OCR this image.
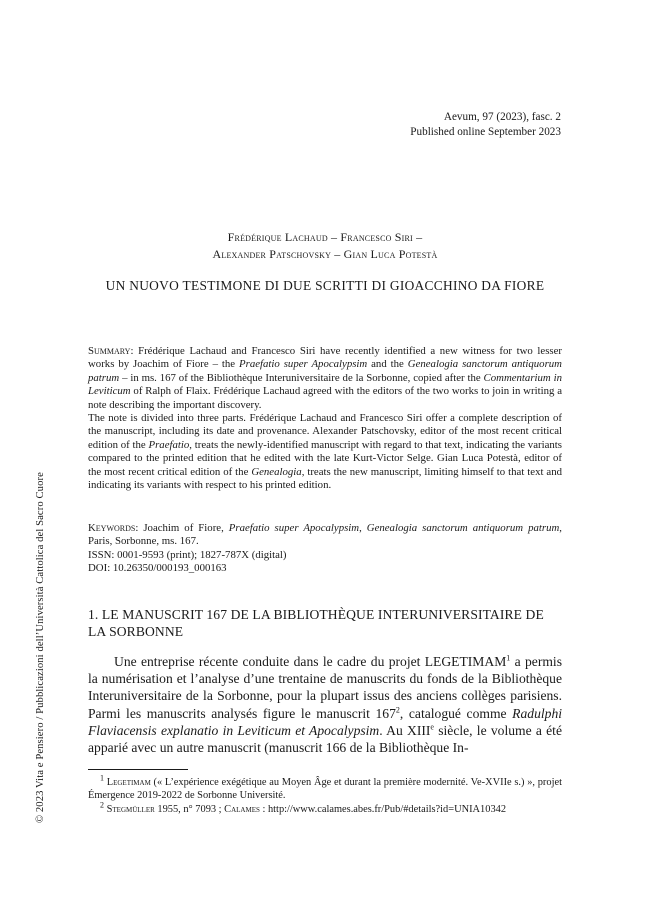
Aevum, 97 (2023), fasc. 2
Published online September 2023
Frédérique Lachaud – Francesco Siri –
Alexander Patschovsky – Gian Luca Potestà
UN NUOVO TESTIMONE DI DUE SCRITTI DI GIOACCHINO DA FIORE

Summary: Frédérique Lachaud and Francesco Siri have recently identified a new witness for two lesser works by Joachim of Fiore – the Praefatio super Apocalypsim and the Genealogia sanctorum antiquorum patrum – in ms. 167 of the Bibliothèque Interuniversitaire de la Sorbonne, copied after the Commentarium in Leviticum of Ralph of Flaix. Frédérique Lachaud agreed with the editors of the two works to join in writing a note describing the important discovery.

The note is divided into three parts. Frédérique Lachaud and Francesco Siri offer a complete description of the manuscript, including its date and provenance. Alexander Patschovsky, editor of the most recent critical edition of the Praefatio, treats the newly-identified manuscript with regard to that text, indicating the variants compared to the printed edition that he edited with the late Kurt-Victor Selge. Gian Luca Potestà, editor of the most recent critical edition of the Genealogia, treats the new manuscript, limiting himself to that text and indicating its variants with respect to his printed edition.

Keywords: Joachim of Fiore, Praefatio super Apocalypsim, Genealogia sanctorum antiquorum patrum, Paris, Sorbonne, ms. 167.

ISSN: 0001-9593 (print); 1827-787X (digital)

DOI: 10.26350/000193_000163

1. LE MANUSCRIT 167 DE LA BIBLIOTHÈQUE INTERUNIVERSITAIRE DE LA SORBONNE

Une entreprise récente conduite dans le cadre du projet LEGETIMAM$^1$ a permis la numérisation et l’analyse d’une trentaine de manuscrits du fonds de la Bibliothèque Interuniversitaire de la Sorbonne, pour la plupart issus des anciens collèges parisiens. Parmi les manuscrits analysés figure le manuscrit $167^2$, catalogué comme Radulphi Flaviacensis explanatio in Leviticum et Apocalypsim. Au XIIIe siècle, le volume a été apparié avec un autre manuscrit (manuscrit 166 de la Bibliothèque In-

$^1$ Legetimam (« L’expérience exégétique au Moyen Âge et durant la première modernité. Ve-XVIIe s.) », projet Émergence 2019-2022 de Sorbonne Université.

$^2$ Stegmüller 1955, n° 7093 ; Calames : http://www.calames.abes.fr/Pub/#details?id=UNIA10342

© 2023 Vita e Pensiero / Pubblicazioni dell’Università Cattolica del Sacro Cuore
